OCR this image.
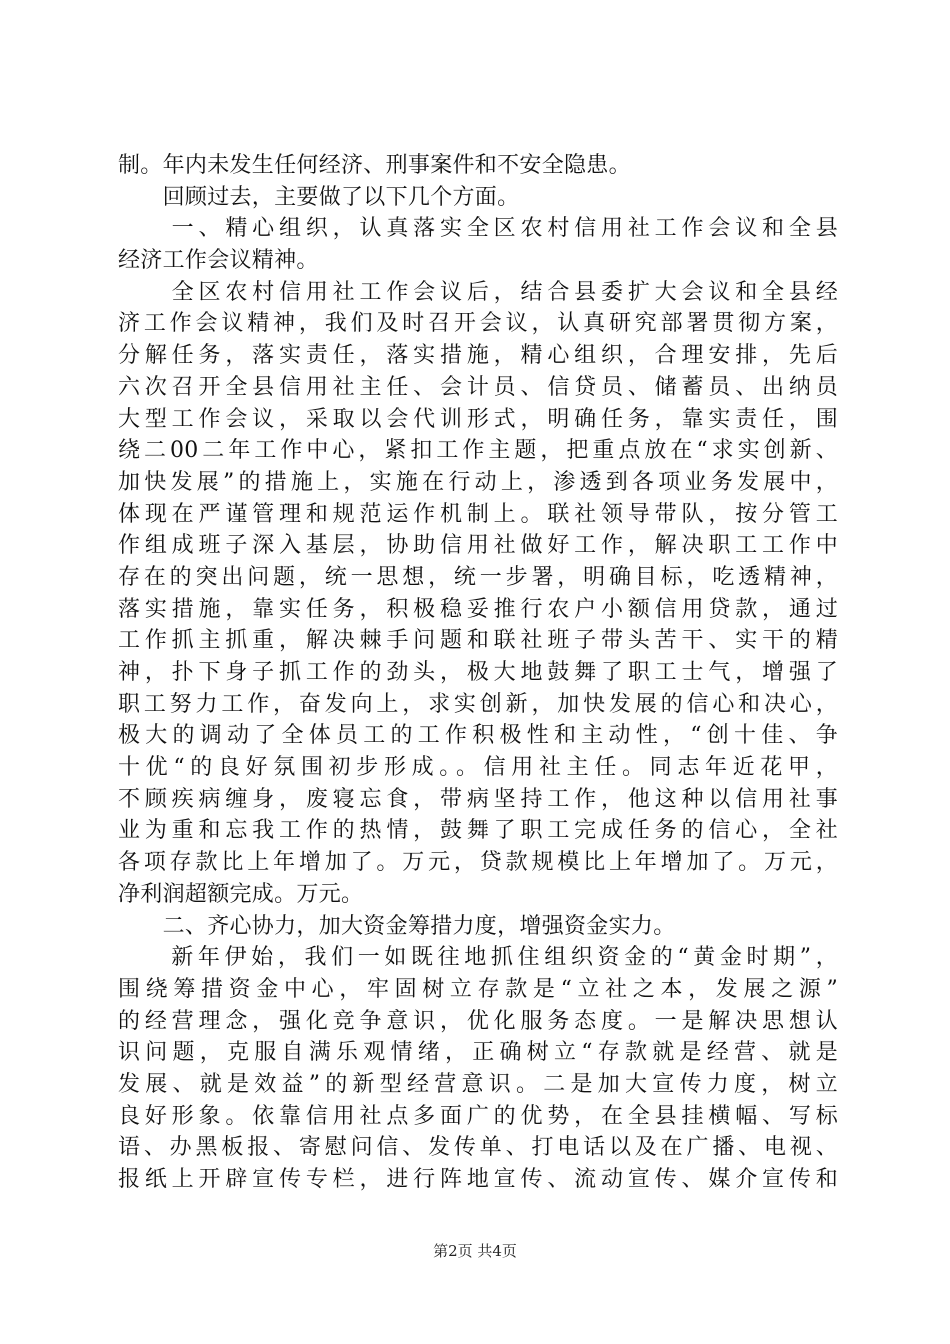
制。年内未发生任何经济、刑事案件和不安全隐患。
　　回顾过去，主要做了以下几个方面。
　　一、精心组织，认真落实全区农村信用社工作会议和全县
经济工作会议精神。
　　全区农村信用社工作会议后，结合县委扩大会议和全县经
济工作会议精神，我们及时召开会议，认真研究部署贯彻方案，
分解任务，落实责任，落实措施，精心组织，合理安排，先后
六次召开全县信用社主任、会计员、信贷员、储蓄员、出纳员
大型工作会议，采取以会代训形式，明确任务，靠实责任，围
绕二00二年工作中心，紧扣工作主题，把重点放在“求实创新、
加快发展”的措施上，实施在行动上，渗透到各项业务发展中，
体现在严谨管理和规范运作机制上。联社领导带队，按分管工
作组成班子深入基层，协助信用社做好工作，解决职工工作中
存在的突出问题，统一思想，统一步署，明确目标，吃透精神，
落实措施，靠实任务，积极稳妥推行农户小额信用贷款，通过
工作抓主抓重，解决棘手问题和联社班子带头苦干、实干的精
神，扑下身子抓工作的劲头，极大地鼓舞了职工士气，增强了
职工努力工作，奋发向上，求实创新，加快发展的信心和决心，
极大的调动了全体员工的工作积极性和主动性，“创十佳、争
十优“的良好氛围初步形成。。信用社主任。同志年近花甲，
不顾疾病缠身，废寝忘食，带病坚持工作，他这种以信用社事
业为重和忘我工作的热情，鼓舞了职工完成任务的信心，全社
各项存款比上年增加了。万元，贷款规模比上年增加了。万元，
净利润超额完成。万元。
　　二、齐心协力，加大资金筹措力度，增强资金实力。
　　新年伊始，我们一如既往地抓住组织资金的“黄金时期”，
围绕筹措资金中心，牢固树立存款是“立社之本，发展之源”
的经营理念，强化竞争意识，优化服务态度。一是解决思想认
识问题，克服自满乐观情绪，正确树立“存款就是经营、就是
发展、就是效益”的新型经营意识。二是加大宣传力度，树立
良好形象。依靠信用社点多面广的优势，在全县挂横幅、写标
语、办黑板报、寄慰问信、发传单、打电话以及在广播、电视、
报纸上开辟宣传专栏，进行阵地宣传、流动宣传、媒介宣传和
第2页 共4页
